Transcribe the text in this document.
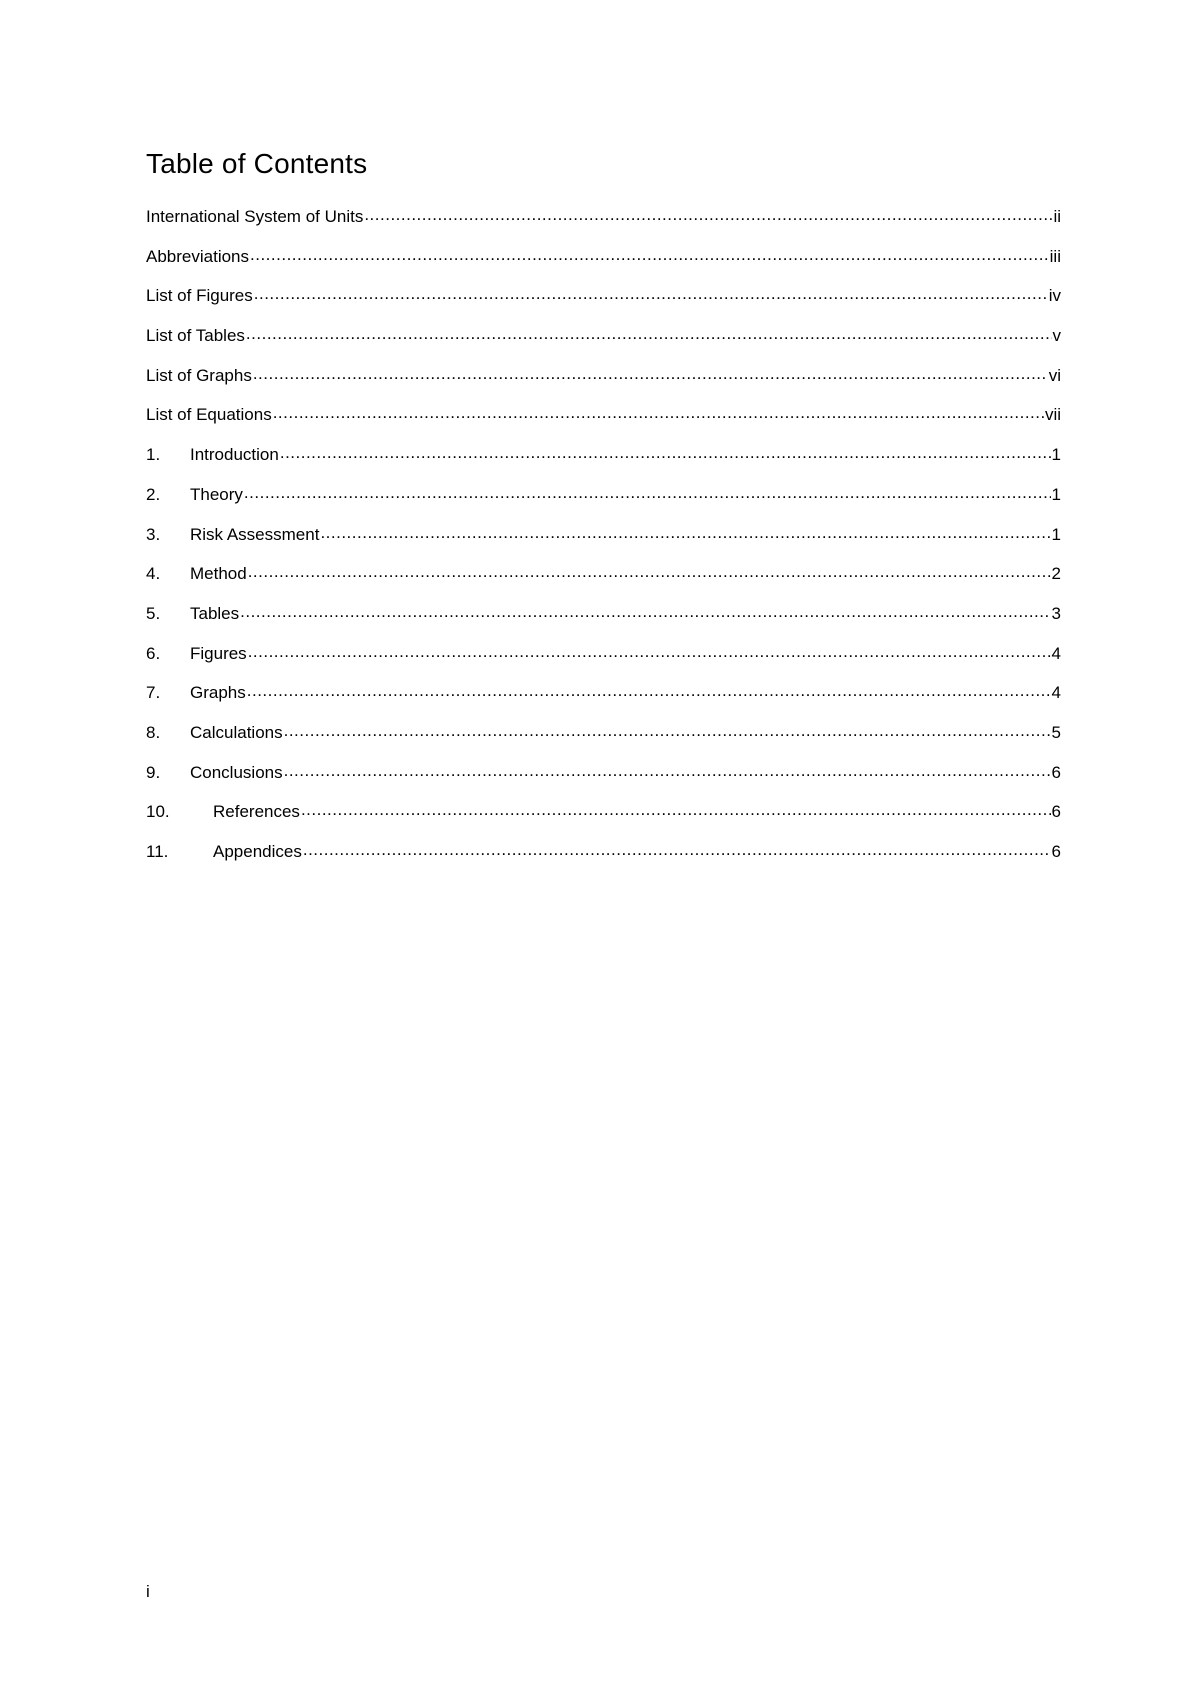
Table of Contents
International System of Units .....	ii
Abbreviations .....	iii
List of Figures .....	iv
List of Tables .....	v
List of Graphs .....	vi
List of Equations .....	vii
1.	Introduction .....	1
2.	Theory .....	1
3.	Risk Assessment .....	1
4.	Method .....	2
5.	Tables .....	3
6.	Figures .....	4
7.	Graphs .....	4
8.	Calculations .....	5
9.	Conclusions .....	6
10.	References .....	6
11.	Appendices .....	6
i
